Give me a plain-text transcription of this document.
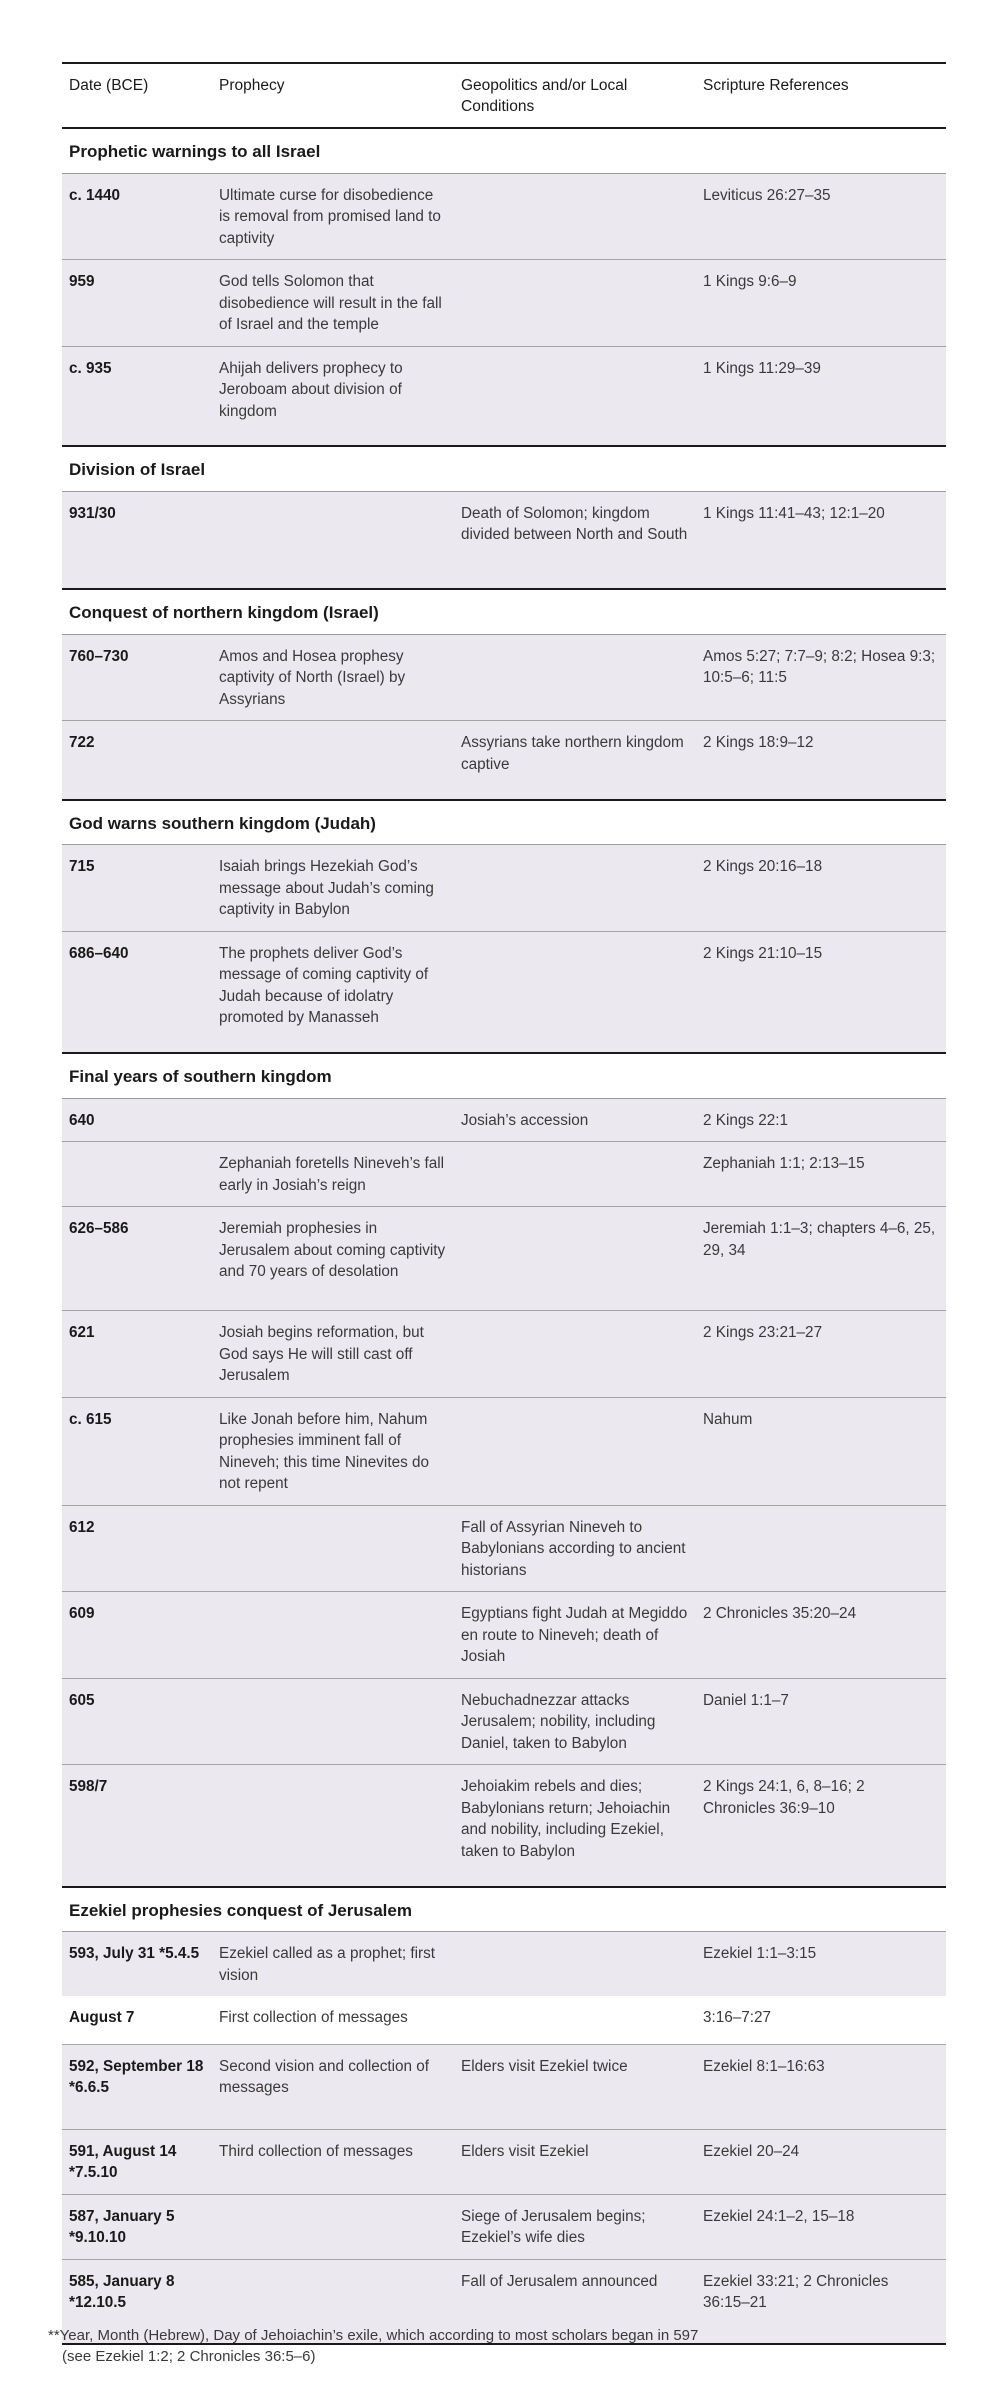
Date (BCE)	Prophecy	Geopolitics and/or Local Conditions	Scripture References
Prophetic warnings to all Israel			
c. 1440	Ultimate curse for disobedience is removal from promised land to captivity		Leviticus 26:27–35
959	God tells Solomon that disobedience will result in the fall of Israel and the temple		1 Kings 9:6–9
c. 935	Ahijah delivers prophecy to Jeroboam about division of kingdom		1 Kings 11:29–39
Division of Israel			
931/30		Death of Solomon; kingdom divided between North and South	1 Kings 11:41–43; 12:1–20
Conquest of northern kingdom (Israel)			
760–730	Amos and Hosea prophesy captivity of North (Israel) by Assyrians		Amos 5:27; 7:7–9; 8:2; Hosea 9:3; 10:5–6; 11:5
722		Assyrians take northern kingdom captive	2 Kings 18:9–12
God warns southern kingdom (Judah)			
715	Isaiah brings Hezekiah God’s message about Judah’s coming captivity in Babylon		2 Kings 20:16–18
686–640	The prophets deliver God’s message of coming captivity of Judah because of idolatry promoted by Manasseh		2 Kings 21:10–15
Final years of southern kingdom			
640		Josiah’s accession	2 Kings 22:1
	Zephaniah foretells Nineveh’s fall early in Josiah’s reign		Zephaniah 1:1; 2:13–15
626–586	Jeremiah prophesies in Jerusalem about coming captivity and 70 years of desolation		Jeremiah 1:1–3; chapters 4–6, 25, 29, 34
621	Josiah begins reformation, but God says He will still cast off Jerusalem		2 Kings 23:21–27
c. 615	Like Jonah before him, Nahum prophesies imminent fall of Nineveh; this time Ninevites do not repent		Nahum
612		Fall of Assyrian Nineveh to Babylonians according to ancient historians	
609		Egyptians fight Judah at Megiddo en route to Nineveh; death of Josiah	2 Chronicles 35:20–24
605		Nebuchadnezzar attacks Jerusalem; nobility, including Daniel, taken to Babylon	Daniel 1:1–7
598/7		Jehoiakim rebels and dies; Babylonians return; Jehoiachin and nobility, including Ezekiel, taken to Babylon	2 Kings 24:1, 6, 8–16; 2 Chronicles 36:9–10
Ezekiel prophesies conquest of Jerusalem			
593, July 31 *5.4.5	Ezekiel called as a prophet; first vision		Ezekiel 1:1–3:15
August 7	First collection of messages		3:16–7:27
592, September 18 *6.6.5	Second vision and collection of messages	Elders visit Ezekiel twice	Ezekiel 8:1–16:63
591, August 14 *7.5.10	Third collection of messages	Elders visit Ezekiel	Ezekiel 20–24
587, January 5 *9.10.10		Siege of Jerusalem begins; Ezekiel’s wife dies	Ezekiel 24:1–2, 15–18
585, January 8 *12.10.5		Fall of Jerusalem announced	Ezekiel 33:21; 2 Chronicles 36:15–21
**Year, Month (Hebrew), Day of Jehoiachin’s exile, which according to most scholars began in 597
(see Ezekiel 1:2; 2 Chronicles 36:5–6)
